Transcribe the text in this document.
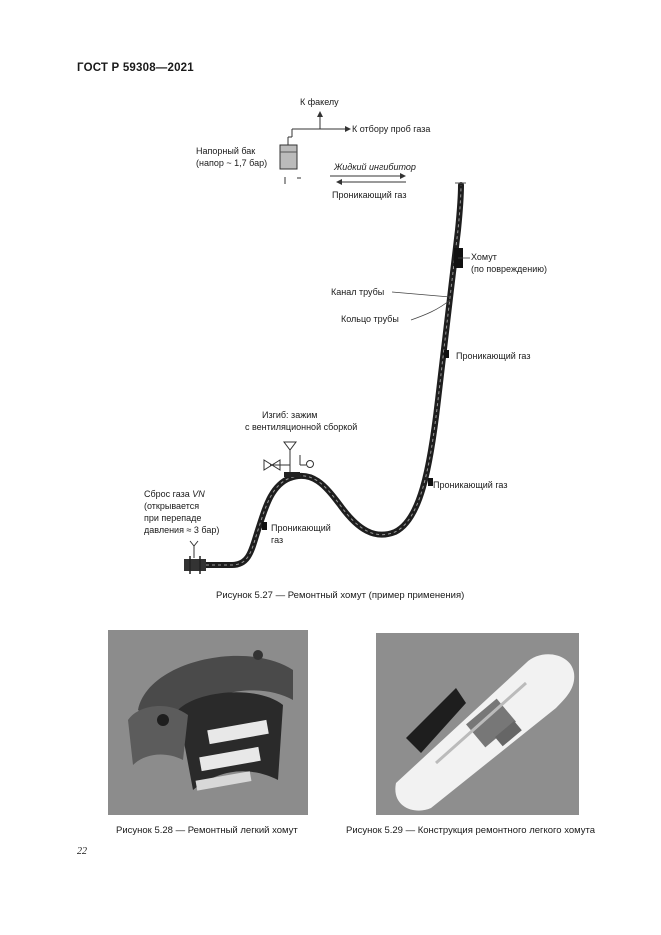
ГОСТ Р 59308—2021
К факелу
К отбору проб газа
Напорный бак
(напор ~ 1,7 бар)	Жидкий ингибитор
Проникающий газ
Хомут
(по повреждению)
Канал трубы
Кольцо трубы
Проникающий газ
Изгиб: зажим
с вентиляционной сборкой
Проникающий газ
Сброс газа VN
(открывается
при перепаде
давления ≈ 3 бар)	Проникающий
газ
Рисунок 5.27 — Ремонтный хомут (пример применения)
Рисунок 5.28 — Ремонтный легкий хомут	Рисунок 5.29 — Конструкция ремонтного легкого хомута
22
